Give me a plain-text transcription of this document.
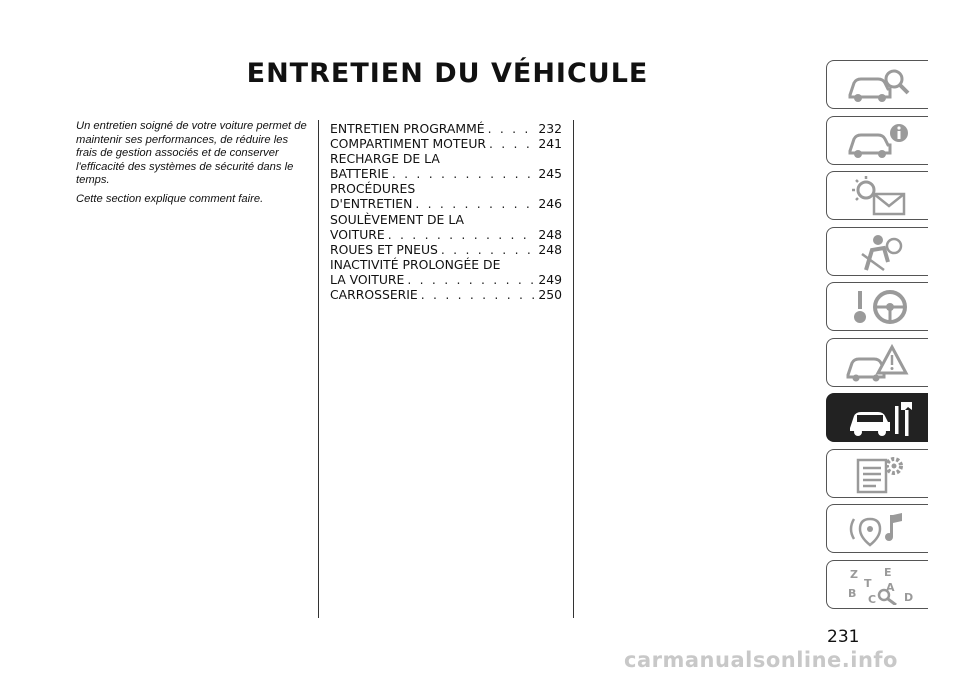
ENTRETIEN DU VÉHICULE

Un entretien soigné de votre voiture permet de maintenir ses performances, de réduire les frais de gestion associés et de conserver l'efficacité des systèmes de sécurité dans le temps.

Cette section explique comment faire.

ENTRETIEN PROGRAMMÉ . . .	232
COMPARTIMENT MOTEUR . . .	241
RECHARGE DE LA
BATTERIE . . .	245
PROCÉDURES
D'ENTRETIEN . . .	246
SOULÈVEMENT DE LA
VOITURE . . .	248
ROUES ET PNEUS . . .	248
INACTIVITÉ PROLONGÉE DE
LA VOITURE . . .	249
CARROSSERIE . . .	250
Z E
B	A
C	D
T
231
carmanualsonline.info
